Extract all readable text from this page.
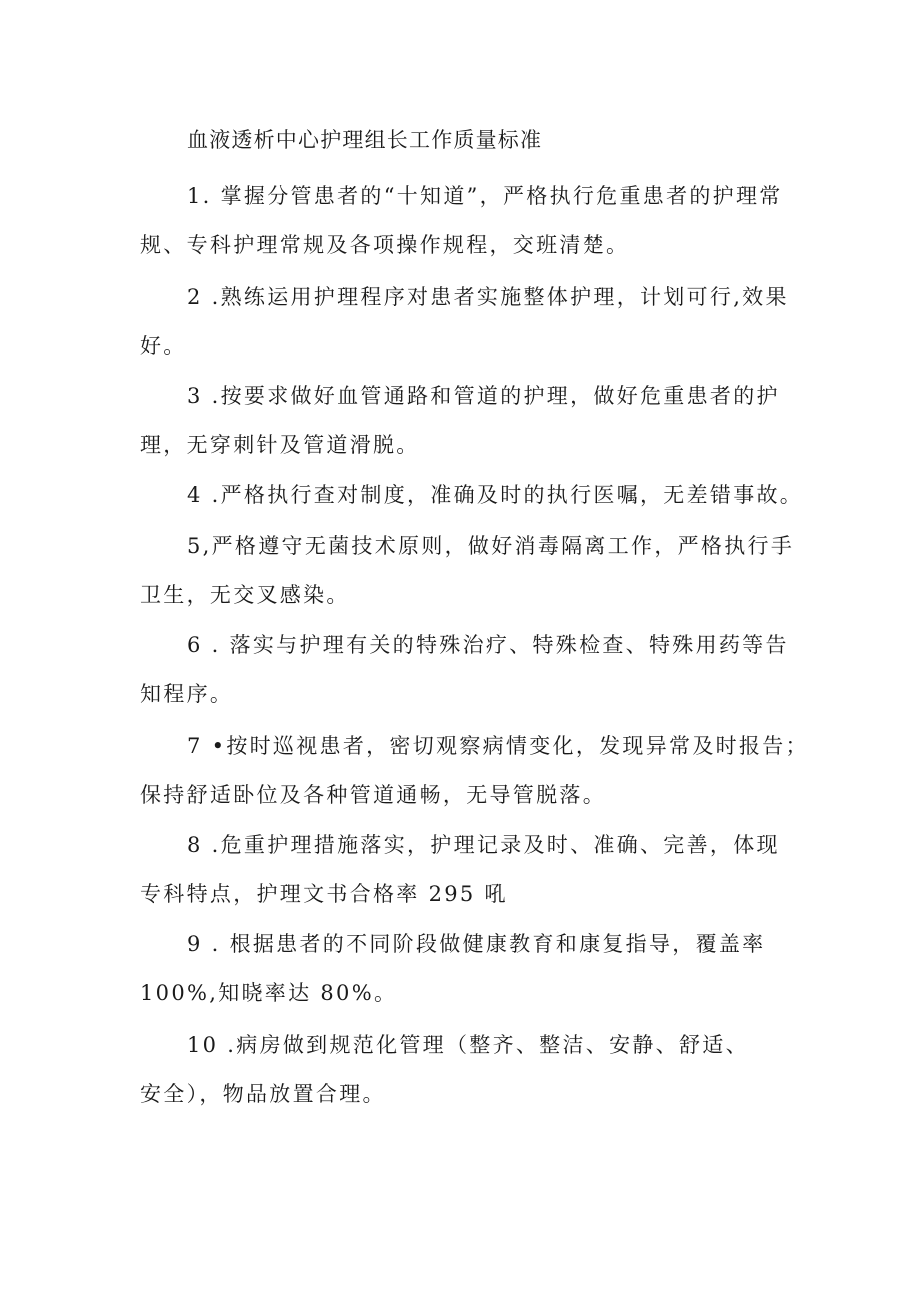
血液透析中心护理组长工作质量标准
1. 掌握分管患者的“十知道”，严格执行危重患者的护理常
规、专科护理常规及各项操作规程，交班清楚。
2 .熟练运用护理程序对患者实施整体护理，计划可行,效果
好。
3 .按要求做好血管通路和管道的护理，做好危重患者的护
理，无穿刺针及管道滑脱。
4 .严格执行查对制度，准确及时的执行医嘱，无差错事故。
5,严格遵守无菌技术原则，做好消毒隔离工作，严格执行手
卫生，无交叉感染。
6 . 落实与护理有关的特殊治疗、特殊检查、特殊用药等告
知程序。
7 •按时巡视患者，密切观察病情变化，发现异常及时报告；
保持舒适卧位及各种管道通畅，无导管脱落。
8 .危重护理措施落实，护理记录及时、准确、完善，体现
专科特点，护理文书合格率 295 吼
9 . 根据患者的不同阶段做健康教育和康复指导，覆盖率
100%,知晓率达 80%。
10 .病房做到规范化管理（整齐、整洁、安静、舒适、
安全），物品放置合理。
